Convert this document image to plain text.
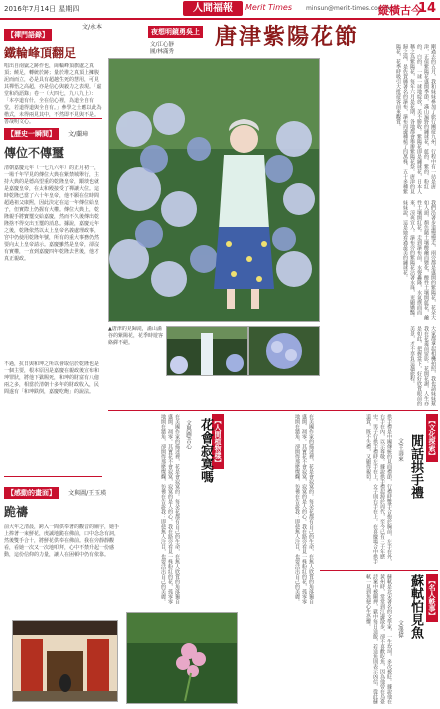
2016年7月14日 星期四	人間福報	Merit Times minsun@merit-times.com.tw
縱橫古今
14
【禪門語錄】
文/永本
鐵輪峰頂翻足
唱出自南嶽之跡作也，崗輪峰頂旗處之真頂；饒足，轉統於跡；量於堆之真頂上擁腹泥而而立，必是具有超越生死的慧用，可見其禪悟之高超，亦是信心與毅力之表現。「虛堂和尚語錄」卷一（大四七，九八九上）：「本亭道有什，全在信心裡，為道全自有堂，若道得道與全自有。」參學之士應以此為楷式，未得兩見其中，不然即不見與不是。善哉明文心。
【歷史一瞬間】 文/蘭璋
傳位不傳璽
清朝嘉慶元年（一七九六年）的正月初一，一場千年罕見的傳位大典在紫禁城舉行，主持大典的是德高望重的乾隆皇帝，顒琰也就是嘉慶皇帝，在太和殿接受了禪讓大位。這時乾隆已當了六十年皇帝，他不願在位時間超過祖父康熙，因此決定在這一年傳位給皇子，但實際上仍握有大權。傳位大典上，乾隆親手將寶璽交給嘉慶，然而不久後傳出乾隆捨不得交出玉璽的消息。據說，嘉慶元年之後，乾隆依然以太上皇帝名義處理政事，宮中仍使用乾隆年號，所有的重大事務仍然要向太上皇帝請示。嘉慶雖然是皇帝，卻沒有實權，一直到嘉慶四年乾隆去世後，他才真正親政。
不過，抗日與和珅之所以會取信於乾隆也是一個主要，根本原因是嘉慶在親政後宣布和珅罪狀，將他下獄賜死，和珅的財富有八億兩之多，相當於清朝十多年的財政收入，民間遂有「和珅跌倒，嘉慶吃飽」的說法。
【感動的畫面】 文與圖/王玉瑛
跪禱
前大年之清晨，跨入一間供奉著的觀音的廟宇，她手上捧著一束鮮花，虔誠地跪在佛前，口中念念有詞，然後雙手合十，將鮮花供奉在佛前。我在旁靜靜觀看，看她一次又一次地叩拜，心中不禁升起一份感動，這份信仰的力量，讓人在困頓中仍有依靠。
夜想明鏡勇吳上 唐津紫陽花節
文/江心靜
圖/林滿秀	剛過去的五月，我和妹妹參加了旅行團遊九州，行程中有一站是唐津，正值紫陽花盛開季節，滿山遍野的繡球花，藍的、紫的、粉紅的、白的，一球一球地綻放，美不勝收。紫陽花即是繡球花，日本人稱之為紫陽花，每年六月是花期，各地都會舉辦紫陽花祭。唐津的見歸之滝，是佐賀縣著名的瀑布，瀑布周邊種植了四萬株、五十多種紫陽花，花季時吸引大批遊客前來觀賞。
我們沿著步道慢慢走，兩旁都是盛開的紫陽花，花朵大如人頭，顏色隨土壤酸鹼而變化，酸性土壤開藍花，鹼性土壤開紅花。走到瀑布前，水聲轟隆，水氣撲面而來，涼爽宜人。瀑布旁的紫陽花沾著水珠，更顯嬌豔。妹妹說，這是她看過最美的繡球花。
▲唐津的見歸滝，滿山滿谷的紫陽花，花季時遊客絡繹不絕。	大家都拿起相機拍照，我也請妹妹幫我在花叢前留影。花開花謝，人生亦是如此，把握當下，好好欣賞眼前的美景，才不辜負這趟旅程。
【人間植物樣】
花會寂寞嗎
文與圖/古心
在美國作家的描述裡，花是會寂寞的。每朵花都有自己的生命，在無人欣賞的角落獨自盛開、凋零。其實花不會寂寞，寂寞的是人的心。我在路旁看見一株粉紅的花，孤零零地開在牆角，卻開得那麼燦爛，彷彿在告訴我：即使無人注目，也要活出自己的美麗。	在美國作家的描述裡，花是會寂寞的。每朵花都有自己的生命，在無人欣賞的角落獨自盛開、凋零。其實花不會寂寞，寂寞的是人的心。我在路旁看見一株粉紅的花，孤零零地開在牆角，卻開得那麼燦爛，彷彿在告訴我：即使無人注目，也要活出自己的美麗。	【文化探索】
閒話拱手禮
文/王壽來
拱手禮是中國傳統的見面禮節，行禮時雙手合抱於胸前，左手在外，右手在內，以示尊敬。據說拱手禮起源於周代，至今已有三千年歷史。男子行拱手禮時左手在上，女子則右手在上。在喜慶場合中拱手道賀，既不失禮，又顯得親切。
【名人軼事】
蘇軾怕見魚
文/張偉
蘇軾是北宋著名的文學家，一生坎坷，多次被貶。據說他在黃州時，常常到江邊散步，卻不喜歡吃魚，因為他曾在烏臺詩案中被關押，獄中每日送飯，若送魚則表示凶信，從此蘇軾一見到魚便心生恐懼。
